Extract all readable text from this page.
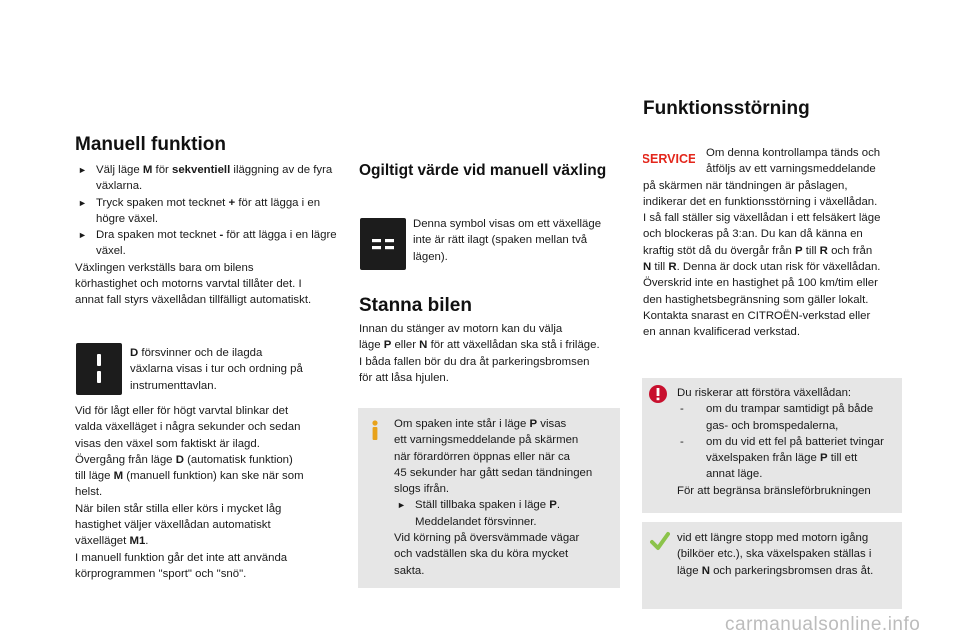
Manuell funktion
► Välj läge M för sekventiell iläggning av de fyra växlarna.
► Tryck spaken mot tecknet + för att lägga i en högre växel.
► Dra spaken mot tecknet - för att lägga i en lägre växel.
Växlingen verkställs bara om bilens
körhastighet och motorns varvtal tillåter det. I
annat fall styrs växellådan tillfälligt automatiskt.
D försvinner och de ilagda
växlarna visas i tur och ordning på
instrumenttavlan.
Vid för lågt eller för högt varvtal blinkar det
valda växelläget i några sekunder och sedan
visas den växel som faktiskt är ilagd.
Övergång från läge D (automatisk funktion)
till läge M (manuell funktion) kan ske när som
helst.
När bilen står stilla eller körs i mycket låg
hastighet väljer växellådan automatiskt
växelläget M1.
I manuell funktion går det inte att använda
körprogrammen "sport" och "snö".
Ogiltigt värde vid manuell växling
Denna symbol visas om ett växelläge
inte är rätt ilagt (spaken mellan två
lägen).
Stanna bilen
Innan du stänger av motorn kan du välja
läge P eller N för att växellådan ska stå i friläge.
I båda fallen bör du dra åt parkeringsbromsen
för att låsa hjulen.
Om spaken inte står i läge P visas
ett varningsmeddelande på skärmen
när förardörren öppnas eller när ca
45 sekunder har gått sedan tändningen
slogs ifrån.
► Ställ tillbaka spaken i läge P.
Meddelandet försvinner.
Vid körning på översvämmade vägar
och vadställen ska du köra mycket
sakta.
Funktionsstörning
SERVICE Om denna kontrollampa tänds och
åtföljs av ett varningsmeddelande
på skärmen när tändningen är påslagen,
indikerar det en funktionsstörning i växellådan.
I så fall ställer sig växellådan i ett felsäkert läge
och blockeras på 3:an. Du kan då känna en
kraftig stöt då du övergår från P till R och från
N till R. Denna är dock utan risk för växellådan.
Överskrid inte en hastighet på 100 km/tim eller
den hastighetsbegränsning som gäller lokalt.
Kontakta snarast en CITROËN-verkstad eller
en annan kvalificerad verkstad.
Du riskerar att förstöra växellådan:
-	om du trampar samtidigt på både
gas- och bromspedalerna,
-	om du vid ett fel på batteriet tvingar
växelspaken från läge P till ett
annat läge.
För att begränsa bränsleförbrukningen
vid ett längre stopp med motorn igång
(bilköer etc.), ska växelspaken ställas i
läge N och parkeringsbromsen dras åt.
carmanualsonline.info
